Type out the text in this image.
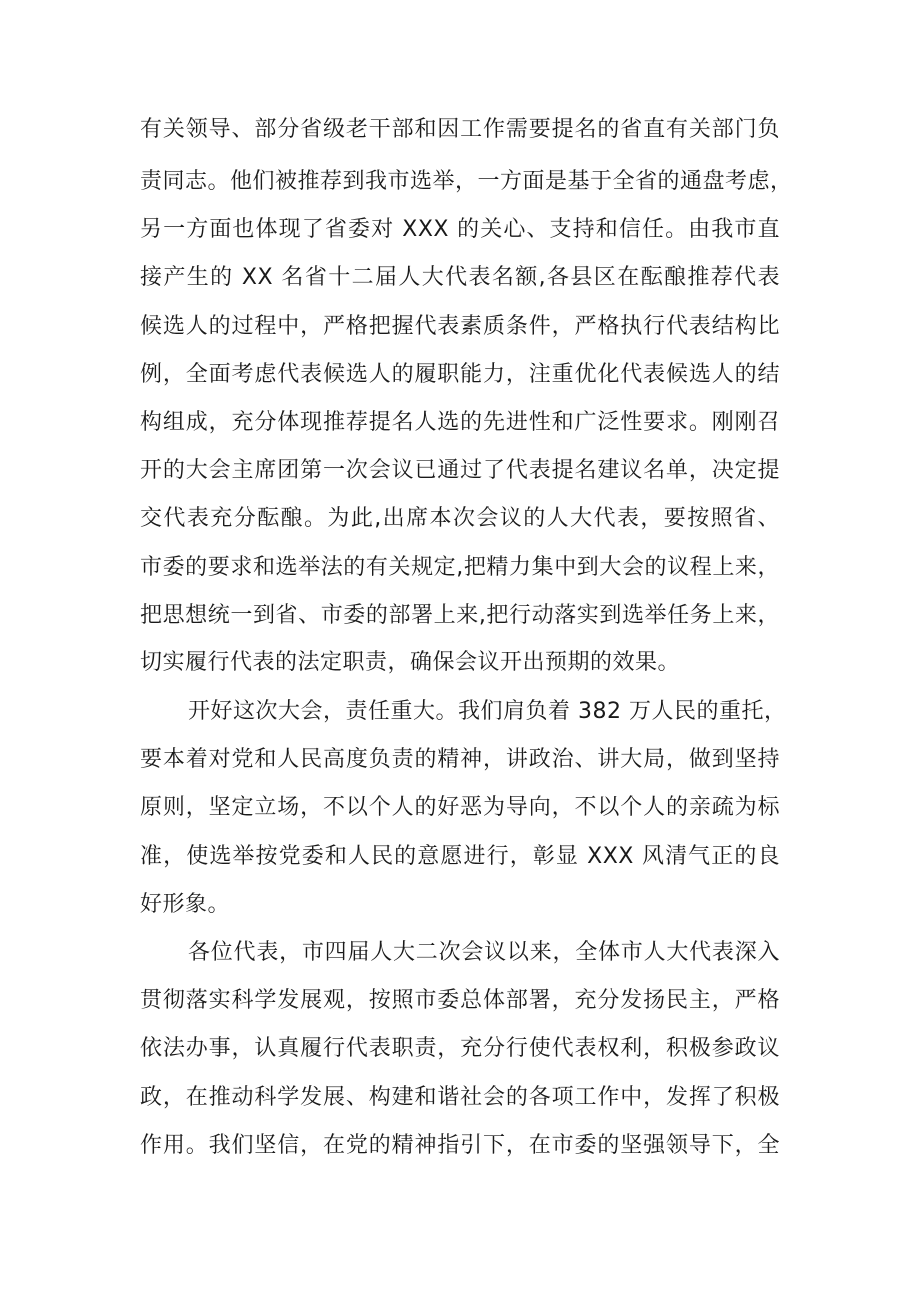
有关领导、部分省级老干部和因工作需要提名的省直有关部门负

责同志。他们被推荐到我市选举，一方面是基于全省的通盘考虑，

另一方面也体现了省委对 XXX 的关心、支持和信任。由我市直

接产生的 XX 名省十二届人大代表名额,各县区在酝酿推荐代表

候选人的过程中，严格把握代表素质条件，严格执行代表结构比

例，全面考虑代表候选人的履职能力，注重优化代表候选人的结

构组成，充分体现推荐提名人选的先进性和广泛性要求。刚刚召

开的大会主席团第一次会议已通过了代表提名建议名单，决定提

交代表充分酝酿。为此,出席本次会议的人大代表，要按照省、

市委的要求和选举法的有关规定,把精力集中到大会的议程上来，

把思想统一到省、市委的部署上来,把行动落实到选举任务上来，

切实履行代表的法定职责，确保会议开出预期的效果。

开好这次大会，责任重大。我们肩负着 382 万人民的重托，

要本着对党和人民高度负责的精神，讲政治、讲大局，做到坚持

原则，坚定立场，不以个人的好恶为导向，不以个人的亲疏为标

准，使选举按党委和人民的意愿进行，彰显 XXX 风清气正的良

好形象。

各位代表，市四届人大二次会议以来，全体市人大代表深入

贯彻落实科学发展观，按照市委总体部署，充分发扬民主，严格

依法办事，认真履行代表职责，充分行使代表权利，积极参政议

政，在推动科学发展、构建和谐社会的各项工作中，发挥了积极

作用。我们坚信，在党的精神指引下，在市委的坚强领导下，全
